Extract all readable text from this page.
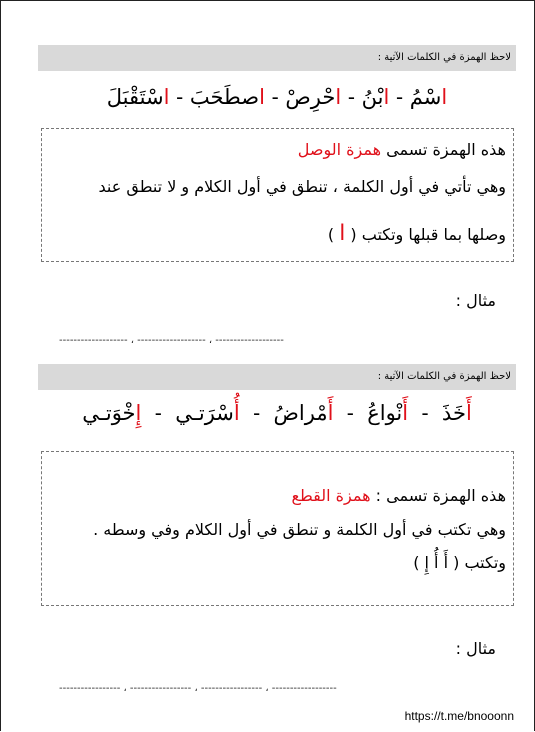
لاحظ الهمزة في الكلمات الآتية :
اسْمُ - ابْنُ - احْرِصْ - اصطَحَبَ - اسْتَقْبَلَ
هذه الهمزة تسمى همزة الوصل
وهي تأتي في أول الكلمة ، تنطق في أول الكلام و لا تنطق عند
وصلها بما قبلها وتكتب ( ا )
مثال :
------------------- ، ------------------- ، -------------------
لاحظ الهمزة في الكلمات الآتية :
أَخَذَ  -  أَنْواعُ  -  أَمْراضُ  -  أُسْرَتـي  -  إِخْوَتـي
هذه الهمزة تسمى : همزة القطع
وهي تكتب في أول الكلمة و تنطق في أول الكلام وفي وسطه .
وتكتب ( أَ أُ إِ )
مثال :
----------------- ، ----------------- ، ----------------- ، ------------------
https://t.me/bnooonn
